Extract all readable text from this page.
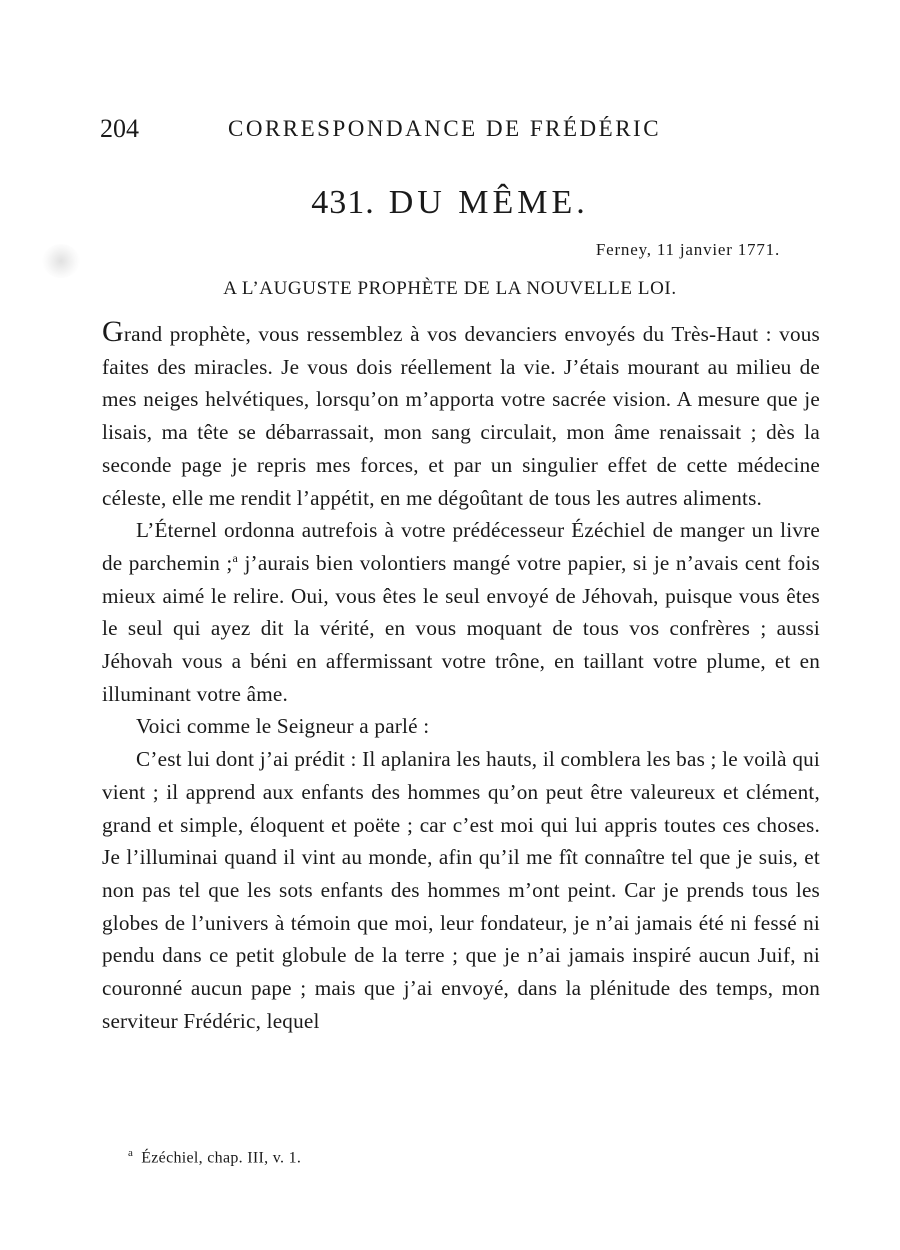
204	CORRESPONDANCE DE FRÉDÉRIC
431. DU MÊME.
Ferney, 11 janvier 1771.
A L’AUGUSTE PROPHÈTE DE LA NOUVELLE LOI.

Grand prophète, vous ressemblez à vos devanciers envoyés du Très-Haut : vous faites des miracles. Je vous dois réellement la vie. J’étais mourant au milieu de mes neiges helvétiques, lorsqu’on m’apporta votre sacrée vision. A mesure que je lisais, ma tête se débarrassait, mon sang circulait, mon âme renaissait ; dès la seconde page je repris mes forces, et par un singulier effet de cette médecine céleste, elle me rendit l’appétit, en me dégoûtant de tous les autres aliments.

L’Éternel ordonna autrefois à votre prédécesseur Ézéchiel de manger un livre de parchemin ;$^a$ j’aurais bien volontiers mangé votre papier, si je n’avais cent fois mieux aimé le relire. Oui, vous êtes le seul envoyé de Jéhovah, puisque vous êtes le seul qui ayez dit la vérité, en vous moquant de tous vos confrères ; aussi Jéhovah vous a béni en affermissant votre trône, en taillant votre plume, et en illuminant votre âme.

Voici comme le Seigneur a parlé :

C’est lui dont j’ai prédit : Il aplanira les hauts, il comblera les bas ; le voilà qui vient ; il apprend aux enfants des hommes qu’on peut être valeureux et clément, grand et simple, éloquent et poëte ; car c’est moi qui lui appris toutes ces choses. Je l’illuminai quand il vint au monde, afin qu’il me fît connaître tel que je suis, et non pas tel que les sots enfants des hommes m’ont peint. Car je prends tous les globes de l’univers à témoin que moi, leur fondateur, je n’ai jamais été ni fessé ni pendu dans ce petit globule de la terre ; que je n’ai jamais inspiré aucun Juif, ni couronné aucun pape ; mais que j’ai envoyé, dans la plénitude des temps, mon serviteur Frédéric, lequel

$^a$ Ézéchiel, chap. III, v. 1.
